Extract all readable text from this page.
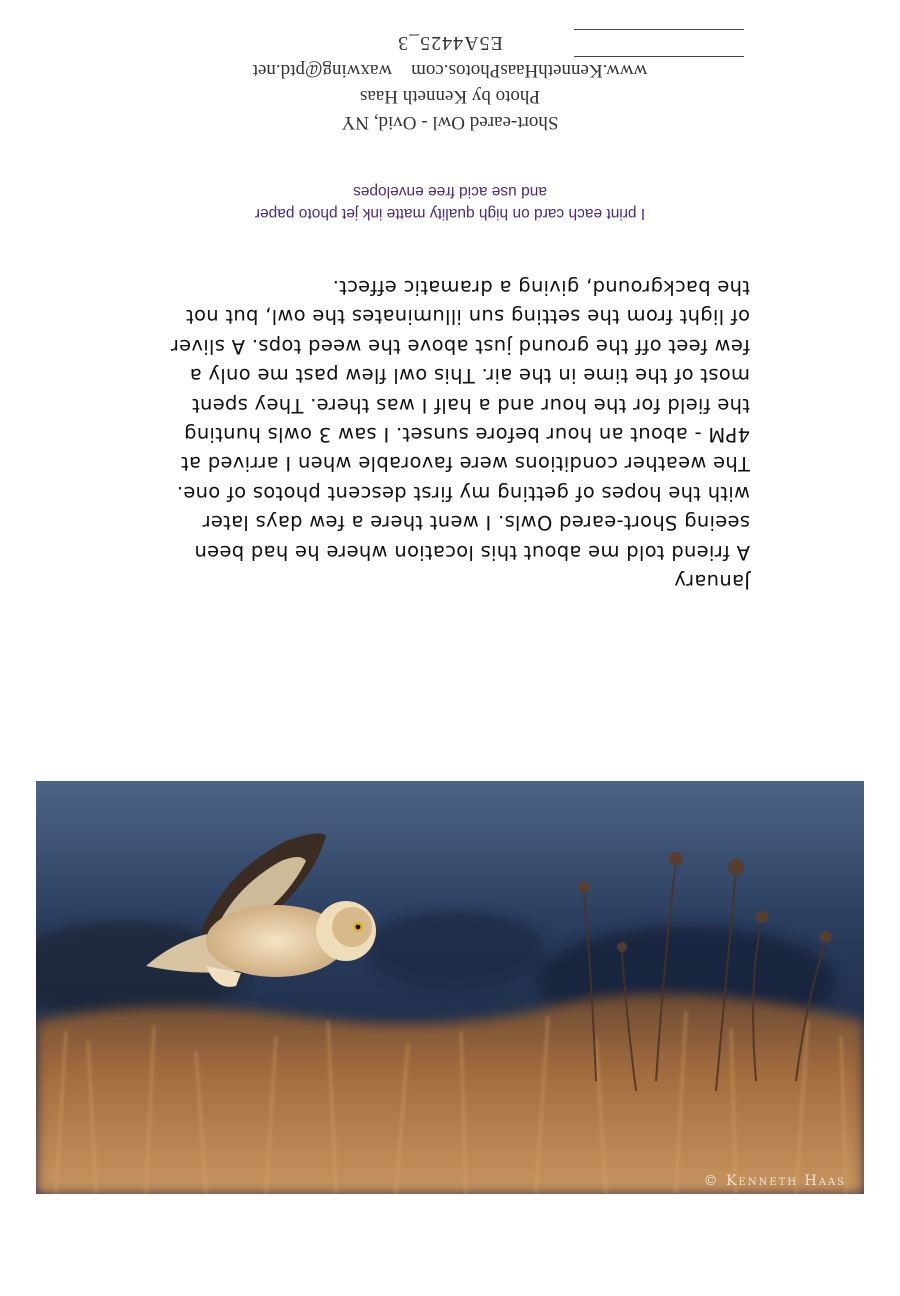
January
A friend told me about this location where he had been
seeing Short-eared Owls. I went there a few days later
with the hopes of getting my first descent photos of one.
The weather conditions were favorable when I arrived at
4PM - about an hour before sunset. I saw 3 owls hunting
the field for the hour and a half I was there. They spent
most of the time in the air. This owl flew past me only a
few feet off the ground just above the weed tops. A sliver
of light from the setting sun illuminates the owl, but not
the background, giving a dramatic effect.
I print each card on high quality matte ink jet photo paper
and use acid free envelopes
Short-eared Owl - Ovid, NY
Photo by Kenneth Haas
www.KennethHaasPhotos.com    waxwing@ptd.net
E5A4425_3
© Kenneth Haas
